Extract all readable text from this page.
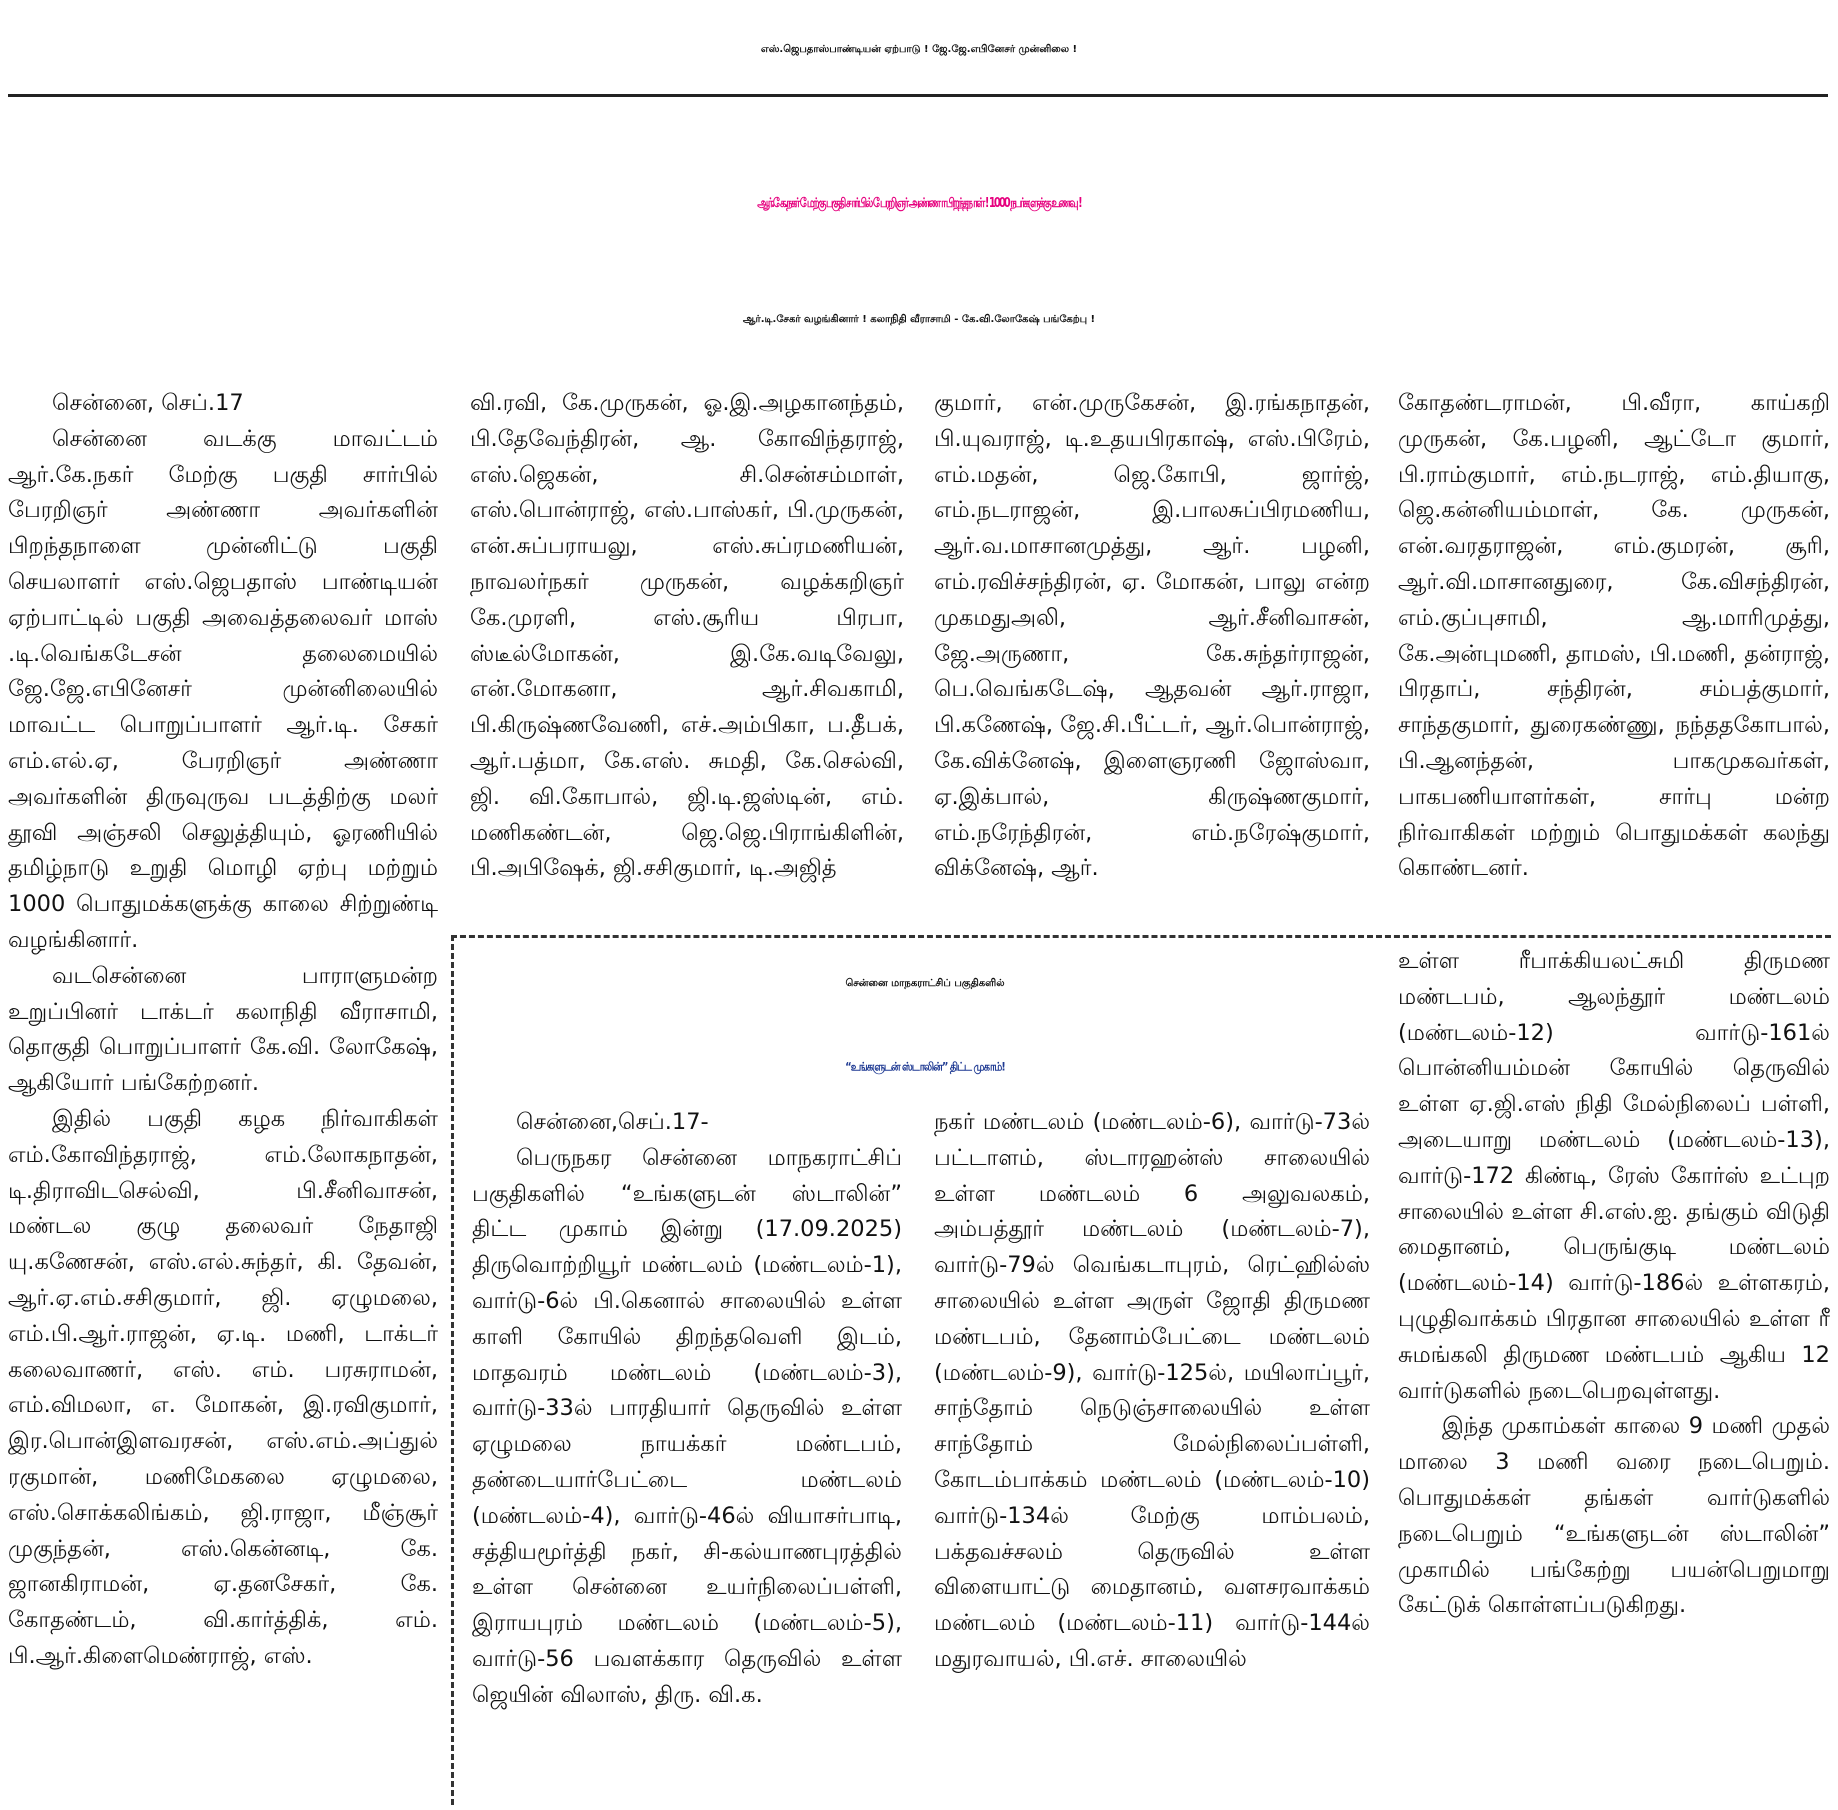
எஸ்.ஜெபதாஸ்பாண்டியன் ஏற்பாடு ! ஜே.ஜே.எபினேசர் முன்னிலை !
ஆர்.கே.நகர் மேற்கு பகுதி சார்பில் பேரறிஞர் அண்ணா பிறந்தநாள் ! 1000 நபர்களுக்கு உணவு !
ஆர்.டி.சேகர் வழங்கினார் ! கலாநிதி வீராசாமி - கே.வி.லோகேஷ் பங்கேற்பு !

சென்னை, செப்.17

சென்னை வடக்கு மாவட்டம் ஆர்.கே.நகர் மேற்கு பகுதி சார்பில் பேரறிஞர் அண்ணா அவர்களின் பிறந்தநாளை முன்னிட்டு பகுதி செயலாளர் எஸ்.ஜெபதாஸ் பாண்டியன் ஏற்பாட்டில் பகுதி அவைத்தலைவர் மாஸ் .டி.வெங்கடேசன் தலைமையில் ஜே.ஜே.எபினேசர் முன்னிலையில் மாவட்ட பொறுப்பாளர் ஆர்.டி. சேகர் எம்.எல்.ஏ, பேரறிஞர் அண்ணா அவர்களின் திருவுருவ படத்திற்கு மலர் தூவி அஞ்சலி செலுத்தியும், ஓரணியில் தமிழ்நாடு உறுதி மொழி ஏற்பு மற்றும் 1000 பொதுமக்களுக்கு காலை சிற்றுண்டி வழங்கினார்.

வடசென்னை பாராளுமன்ற உறுப்பினர் டாக்டர் கலாநிதி வீராசாமி, தொகுதி பொறுப்பாளர் கே.வி. லோகேஷ், ஆகியோர் பங்கேற்றனர்.

இதில் பகுதி கழக நிர்வாகிகள் எம்.கோவிந்தராஜ், எம்.லோகநாதன், டி.திராவிடசெல்வி, பி.சீனிவாசன், மண்டல குழு தலைவர் நேதாஜி யு.கணேசன், எஸ்.எல்.சுந்தர், கி. தேவன், ஆர்.ஏ.எம்.சசிகுமார், ஜி. ஏழுமலை, எம்.பி.ஆர்.ராஜன், ஏ.டி. மணி, டாக்டர் கலைவாணர், எஸ். எம். பரசுராமன், எம்.விமலா, எ. மோகன், இ.ரவிகுமார், இர.பொன்இளவரசன், எஸ்.எம்.அப்துல் ரகுமான், மணிமேகலை ஏழுமலை, எஸ்.சொக்கலிங்கம், ஜி.ராஜா, மீஞ்சூர் முகுந்தன், எஸ்.கென்னடி, கே. ஜானகிராமன், ஏ.தனசேகர், கே. கோதண்டம், வி.கார்த்திக், எம். பி.ஆர்.கிளைமெண்ராஜ், எஸ்.

வி.ரவி, கே.முருகன், ஓ.இ.அழகானந்தம், பி.தேவேந்திரன், ஆ. கோவிந்தராஜ், எஸ்.ஜெகன், சி.சென்சம்மாள், எஸ்.பொன்ராஜ், எஸ்.பாஸ்கர், பி.முருகன், என்.சுப்பராயலு, எஸ்.சுப்ரமணியன், நாவலர்நகர் முருகன், வழக்கறிஞர் கே.முரளி, எஸ்.சூரிய பிரபா, ஸ்டீல்மோகன், இ.கே.வடிவேலு, என்.மோகனா, ஆர்.சிவகாமி, பி.கிருஷ்ணவேணி, எச்.அம்பிகா, ப.தீபக், ஆர்.பத்மா, கே.எஸ். சுமதி, கே.செல்வி, ஜி. வி.கோபால், ஜி.டி.ஜஸ்டின், எம். மணிகண்டன், ஜெ.ஜெ.பிராங்கிளின், பி.அபிஷேக், ஜி.சசிகுமார், டி.அஜித்

குமார், என்.முருகேசன், இ.ரங்கநாதன், பி.யுவராஜ், டி.உதயபிரகாஷ், எஸ்.பிரேம், எம்.மதன், ஜெ.கோபி, ஜார்ஜ், எம்.நடராஜன், இ.பாலசுப்பிரமணிய, ஆர்.வ.மாசானமுத்து, ஆர். பழனி, எம்.ரவிச்சந்திரன், ஏ. மோகன், பாலு என்ற முகமதுஅலி, ஆர்.சீனிவாசன், ஜே.அருணா, கே.சுந்தர்ராஜன், பெ.வெங்கடேஷ், ஆதவன் ஆர்.ராஜா, பி.கணேஷ், ஜே.சி.பீட்டர், ஆர்.பொன்ராஜ், கே.விக்னேஷ், இளைஞரணி ஜோஸ்வா, ஏ.இக்பால், கிருஷ்ணகுமார், எம்.நரேந்திரன், எம்.நரேஷ்குமார், விக்னேஷ், ஆர்.

கோதண்டராமன், பி.வீரா, காய்கறி முருகன், கே.பழனி, ஆட்டோ குமார், பி.ராம்குமார், எம்.நடராஜ், எம்.தியாகு, ஜெ.கன்னியம்மாள், கே. முருகன், என்.வரதராஜன், எம்.குமரன், சூரி, ஆர்.வி.மாசானதுரை, கே.விசந்திரன், எம்.குப்புசாமி, ஆ.மாரிமுத்து, கே.அன்புமணி, தாமஸ், பி.மணி, தன்ராஜ், பிரதாப், சந்திரன், சம்பத்குமார், சாந்தகுமார், துரைகண்ணு, நந்ததகோபால், பி.ஆனந்தன், பாகமுகவர்கள், பாகபணியாளர்கள், சார்பு மன்ற நிர்வாகிகள் மற்றும் பொதுமக்கள் கலந்து கொண்டனர்.

சென்னை மாநகராட்சிப் பகுதிகளில்
“உங்களுடன் ஸ்டாலின்” திட்ட முகாம்!

சென்னை,செப்.17-

பெருநகர சென்னை மாநகராட்சிப் பகுதிகளில் “உங்களுடன் ஸ்டாலின்” திட்ட முகாம் இன்று (17.09.2025) திருவொற்றியூர் மண்டலம் (மண்டலம்-1), வார்டு-6ல் பி.கெனால் சாலையில் உள்ள காளி கோயில் திறந்தவெளி இடம், மாதவரம் மண்டலம் (மண்டலம்-3), வார்டு-33ல் பாரதியார் தெருவில் உள்ள ஏழுமலை நாயக்கர் மண்டபம், தண்டையார்பேட்டை மண்டலம் (மண்டலம்-4), வார்டு-46ல் வியாசர்பாடி, சத்தியமூர்த்தி நகர், சி-கல்யாணபுரத்தில் உள்ள சென்னை உயர்நிலைப்பள்ளி, இராயபுரம் மண்டலம் (மண்டலம்-5), வார்டு-56 பவளக்கார தெருவில் உள்ள ஜெயின் விலாஸ், திரு. வி.க.

நகர் மண்டலம் (மண்டலம்-6), வார்டு-73ல் பட்டாளம், ஸ்டாரஹன்ஸ் சாலையில் உள்ள மண்டலம் 6 அலுவலகம், அம்பத்தூர் மண்டலம் (மண்டலம்-7), வார்டு-79ல் வெங்கடாபுரம், ரெட்ஹில்ஸ் சாலையில் உள்ள அருள் ஜோதி திருமண மண்டபம், தேனாம்பேட்டை மண்டலம் (மண்டலம்-9), வார்டு-125ல், மயிலாப்பூர், சாந்தோம் நெடுஞ்சாலையில் உள்ள சாந்தோம் மேல்நிலைப்பள்ளி, கோடம்பாக்கம் மண்டலம் (மண்டலம்-10) வார்டு-134ல் மேற்கு மாம்பலம், பக்தவச்சலம் தெருவில் உள்ள விளையாட்டு மைதானம், வளசரவாக்கம் மண்டலம் (மண்டலம்-11) வார்டு-144ல் மதுரவாயல், பி.எச். சாலையில்

உள்ள ரீபாக்கியலட்சுமி திருமண மண்டபம், ஆலந்தூர் மண்டலம் (மண்டலம்-12) வார்டு-161ல் பொன்னியம்மன் கோயில் தெருவில் உள்ள ஏ.ஜி.எஸ் நிதி மேல்நிலைப் பள்ளி, அடையாறு மண்டலம் (மண்டலம்-13), வார்டு-172 கிண்டி, ரேஸ் கோர்ஸ் உட்புற சாலையில் உள்ள சி.எஸ்.ஐ. தங்கும் விடுதி மைதானம், பெருங்குடி மண்டலம் (மண்டலம்-14) வார்டு-186ல் உள்ளகரம், புழுதிவாக்கம் பிரதான சாலையில் உள்ள ரீ சுமங்கலி திருமண மண்டபம் ஆகிய 12 வார்டுகளில் நடைபெறவுள்ளது.

இந்த முகாம்கள் காலை 9 மணி முதல் மாலை 3 மணி வரை நடைபெறும். பொதுமக்கள் தங்கள் வார்டுகளில் நடைபெறும் “உங்களுடன் ஸ்டாலின்” முகாமில் பங்கேற்று பயன்பெறுமாறு கேட்டுக் கொள்ளப்படுகிறது.
